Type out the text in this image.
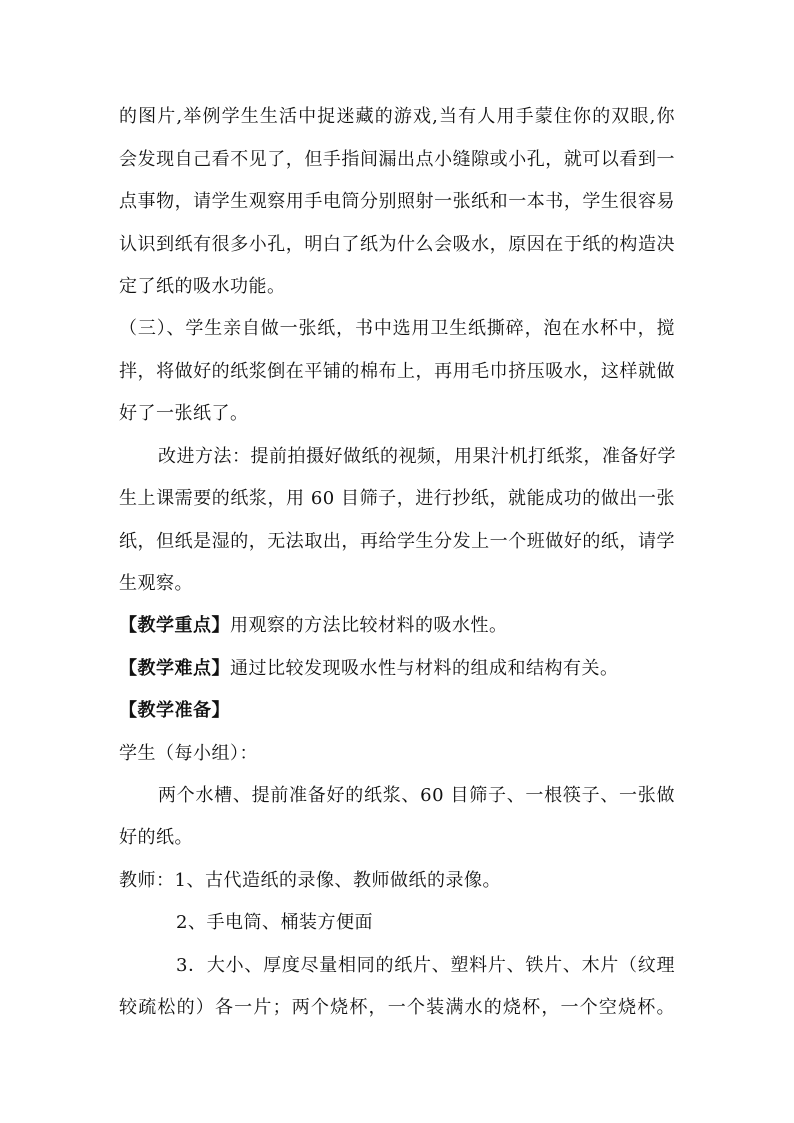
的图片,举例学生生活中捉迷藏的游戏,当有人用手蒙住你的双眼,你
会发现自己看不见了，但手指间漏出点小缝隙或小孔，就可以看到一
点事物，请学生观察用手电筒分别照射一张纸和一本书，学生很容易
认识到纸有很多小孔，明白了纸为什么会吸水，原因在于纸的构造决
定了纸的吸水功能。
（三）、学生亲自做一张纸，书中选用卫生纸撕碎，泡在水杯中，搅
拌，将做好的纸浆倒在平铺的棉布上，再用毛巾挤压吸水，这样就做
好了一张纸了。
改进方法：提前拍摄好做纸的视频，用果汁机打纸浆，准备好学
生上课需要的纸浆，用 60 目筛子，进行抄纸，就能成功的做出一张
纸，但纸是湿的，无法取出，再给学生分发上一个班做好的纸，请学
生观察。
【教学重点】用观察的方法比较材料的吸水性。
【教学难点】通过比较发现吸水性与材料的组成和结构有关。
【教学准备】
学生（每小组）：
两个水槽、提前准备好的纸浆、60 目筛子、一根筷子、一张做
好的纸。
教师：1、古代造纸的录像、教师做纸的录像。
2、手电筒、桶装方便面
3．大小、厚度尽量相同的纸片、塑料片、铁片、木片（纹理
较疏松的）各一片；两个烧杯，一个装满水的烧杯，一个空烧杯。
